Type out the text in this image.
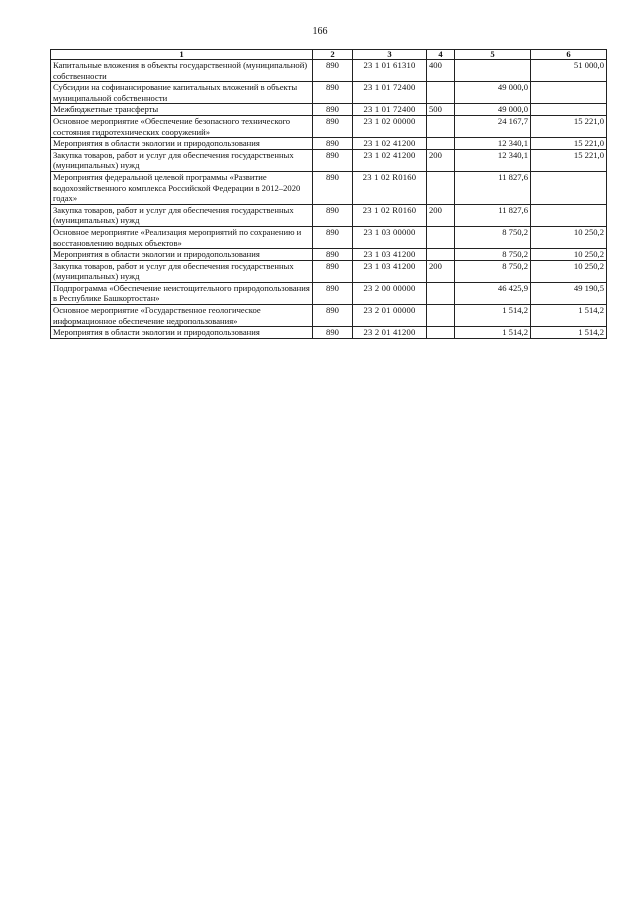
166
1	2	3	4	5	6
Капитальные вложения в объекты государственной (муниципальной) собственности	890	23 1 01 61310	400		51 000,0
Субсидии на софинансирование капитальных вложений в объекты муниципальной собственности	890	23 1 01 72400		49 000,0	
Межбюджетные трансферты	890	23 1 01 72400	500	49 000,0	
Основное мероприятие «Обеспечение безопасного технического состояния гидротехнических сооружений»	890	23 1 02 00000		24 167,7	15 221,0
Мероприятия в области экологии и природопользования	890	23 1 02 41200		12 340,1	15 221,0
Закупка товаров, работ и услуг для обеспечения государственных (муниципальных) нужд	890	23 1 02 41200	200	12 340,1	15 221,0
Мероприятия федеральной целевой программы «Развитие водохозяйственного комплекса Российской Федерации в 2012–2020 годах»	890	23 1 02 R0160		11 827,6	
Закупка товаров, работ и услуг для обеспечения государственных (муниципальных) нужд	890	23 1 02 R0160	200	11 827,6	
Основное мероприятие «Реализация мероприятий по сохранению и восстановлению водных объектов»	890	23 1 03 00000		8 750,2	10 250,2
Мероприятия в области экологии и природопользования	890	23 1 03 41200		8 750,2	10 250,2
Закупка товаров, работ и услуг для обеспечения государственных (муниципальных) нужд	890	23 1 03 41200	200	8 750,2	10 250,2
Подпрограмма «Обеспечение неистощительного природопользования в Республике Башкортостан»	890	23 2 00 00000		46 425,9	49 190,5
Основное мероприятие «Государственное геологическое информационное обеспечение недропользования»	890	23 2 01 00000		1 514,2	1 514,2
Мероприятия в области экологии и природопользования	890	23 2 01 41200		1 514,2	1 514,2
